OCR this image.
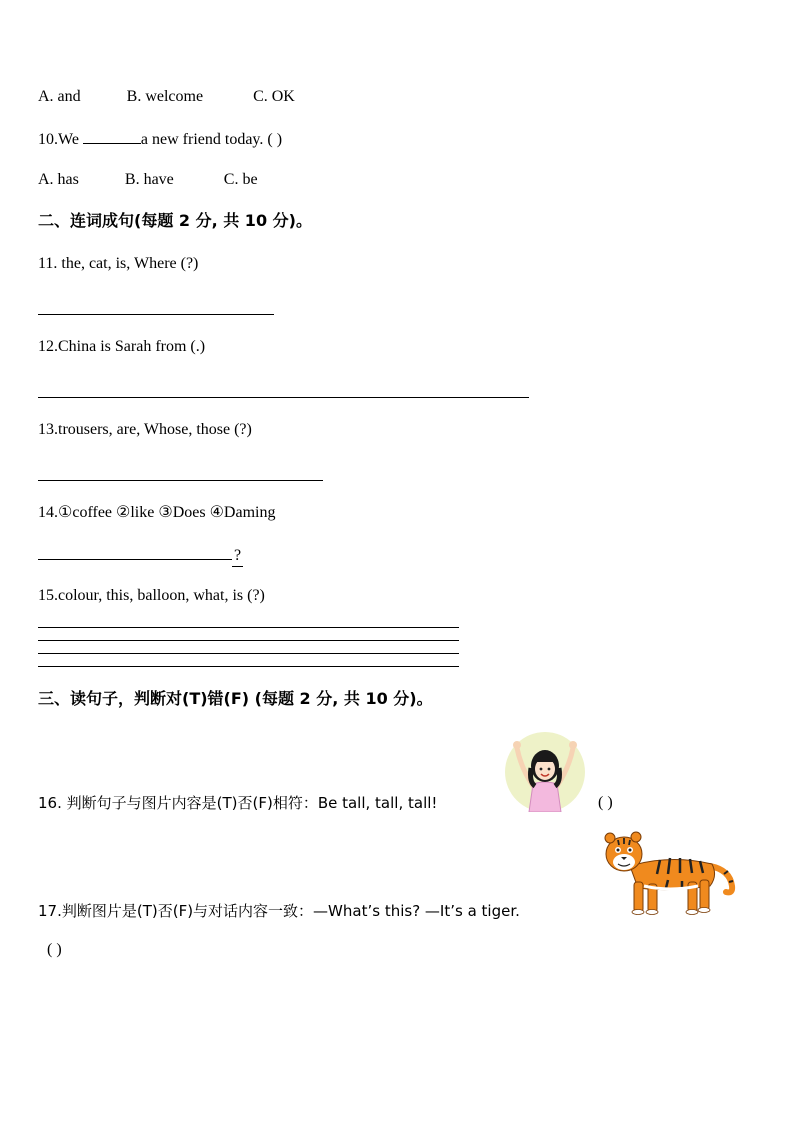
A. and	B. welcome	C. OK
10.We	a new friend today. ( )
A. has	B. have	C. be
二、连词成句(每题 2 分, 共 10 分)。
11. the, cat, is, Where (?)
12.China is Sarah from (.)
13.trousers, are, Whose, those (?)
14.①coffee ②like ③Does ④Daming
?
15.colour, this, balloon, what, is (?)
三、读句子，判断对(T)错(F) (每题 2 分, 共 10 分)。
16. 判断句子与图片内容是(T)否(F)相符：Be tall, tall, tall!	( )
17.判断图片是(T)否(F)与对话内容一致：—What’s this? —It’s a tiger.
( )
